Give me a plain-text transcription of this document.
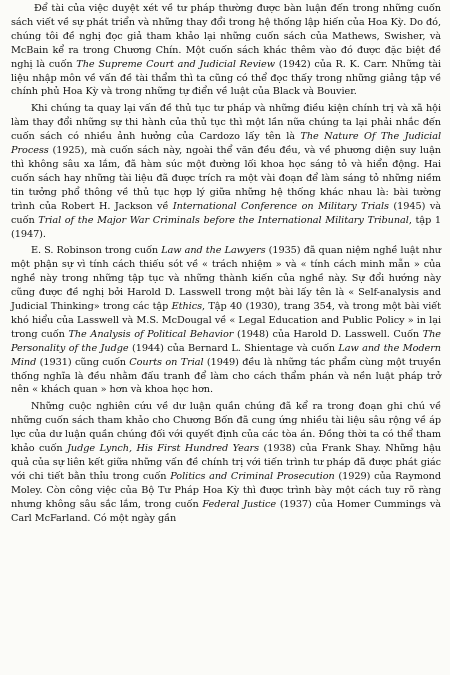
Để tài của việc duyệt xét về tư pháp thường được bàn luận đến trong những cuốn sách viết về sự phát triển và những thay đổi trong hệ thống lập hiến của Hoa Kỳ. Do đó, chúng tôi đề nghị đọc giả tham khảo lại những cuốn sách của Mathews, Swisher, và McBain kể ra trong Chương Chín. Một cuốn sách khác thêm vào đó được đặc biệt đề nghị là cuốn The Supreme Court and Judicial Review (1942) của R. K. Carr. Những tài liệu nhập môn về vấn đề tài thẩm thì ta cũng có thể đọc thấy trong những giảng tập về chính phủ Hoa Kỳ và trong những tự điển về luật của Black và Bouvier.

Khi chúng ta quay lại vấn đề thủ tục tư pháp và những điều kiện chính trị và xã hội làm thay đổi những sự thi hành của thủ tục thì một lần nữa chúng ta lại phải nhắc đến cuốn sách có nhiều ảnh hưởng của Cardozo lấy tên là The Nature Of The Judicial Process (1925), mà cuốn sách này, ngoài thể văn đều đều, và về phương diện suy luận thì không sâu xa lắm, đã hàm súc một đường lối khoa học sáng tỏ và hiển động. Hai cuốn sách hay những tài liệu đã được trích ra một vài đoạn để làm sáng tỏ những niềm tin tưởng phổ thông về thủ tục hợp lý giữa những hệ thống khác nhau là: bài tường trình của Robert H. Jackson về International Conference on Military Trials (1945) và cuốn Trial of the Major War Criminals before the International Military Tribunal, tập 1 (1947).

E. S. Robinson trong cuốn Law and the Lawyers (1935) đã quan niệm nghề luật như một phận sự vì tính cách thiếu sót về « trách nhiệm » và « tính cách minh mẫn » của nghề này trong những tập tục và những thành kiến của nghề này. Sự đổi hướng này cũng được đề nghị bởi Harold D. Lasswell trong một bài lấy tên là « Self-analysis and Judicial Thinking» trong các tập Ethics, Tập 40 (1930), trang 354, và trong một bài viết khó hiểu của Lasswell và M.S. McDougal về « Legal Education and Public Policy » in lại trong cuốn The Analysis of Political Behavior (1948) của Harold D. Lasswell. Cuốn The Personality of the Judge (1944) của Bernard L. Shientage và cuốn Law and the Modern Mind (1931) cũng cuốn Courts on Trial (1949) đều là những tác phẩm cùng một truyền thống nghĩa là đều nhằm đấu tranh để làm cho cách thẩm phán và nền luật pháp trở nên « khách quan » hơn và khoa học hơn.

Những cuộc nghiên cứu về dư luận quần chúng đã kể ra trong đoạn ghi chú về những cuốn sách tham khảo cho Chương Bốn đã cung ứng nhiều tài liệu sâu rộng về áp lực của dư luận quần chúng đối với quyết định của các tòa án. Đồng thời ta có thể tham khảo cuốn Judge Lynch, His First Hundred Years (1938) của Frank Shay. Những hậu quả của sự liên kết giữa những vấn đề chính trị với tiến trình tư pháp đã được phát giác với chi tiết bằn thỉu trong cuốn Politics and Criminal Prosecution (1929) của Raymond Moley. Còn công việc của Bộ Tư Pháp Hoa Kỳ thì được trình bày một cách tuy rõ ràng nhưng không sâu sắc lắm, trong cuốn Federal Justice (1937) của Homer Cummings và Carl McFarland. Có một ngày gần
